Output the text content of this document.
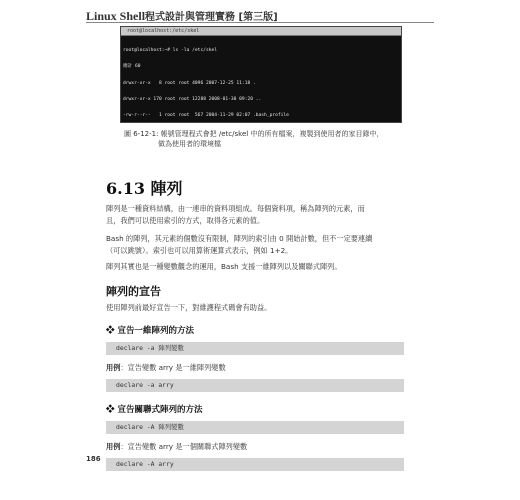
Linux Shell程式設計與管理實務 [第三版]
root@localhost:/etc/skel

root@localhost:~# ls -la /etc/skel

總計 60

drwxr-xr-x   8 root root 4096 2007-12-25 11:18 .

drwxr-xr-x 170 root root 12288 2008-01-30 09:20 ..

-rw-r--r--   1 root root  567 2004-11-29 02:07 .bash_profile

圖 6-12-1: 帳號管理程式會把 /etc/skel 中的所有檔案，複製到使用者的家目錄中，
做為使用者的環境檔
6.13 陣列
陣列是一種資料結構，由一連串的資料項組成。每個資料項，稱為陣列的元素，而
且，我們可以使用索引的方式，取得各元素的值。
Bash 的陣列，其元素的個數沒有限制，陣列的索引由 0 開始計數，但不一定要連續
（可以跳號）。索引也可以用算術運算式表示，例如 1+2。
陣列其實也是一種變數觀念的運用，Bash 支援一維陣列以及關聯式陣列。
陣列的宣告
使用陣列前最好宣告一下，對維護程式碼會有助益。
❖ 宣告一維陣列的方法
declare -a 陣列變數
用例：宣告變數 arry 是一維陣列變數
declare -a arry
❖ 宣告關聯式陣列的方法
declare -A 陣列變數
用例：宣告變數 arry 是一個關聯式陣列變數
declare -A arry
186
